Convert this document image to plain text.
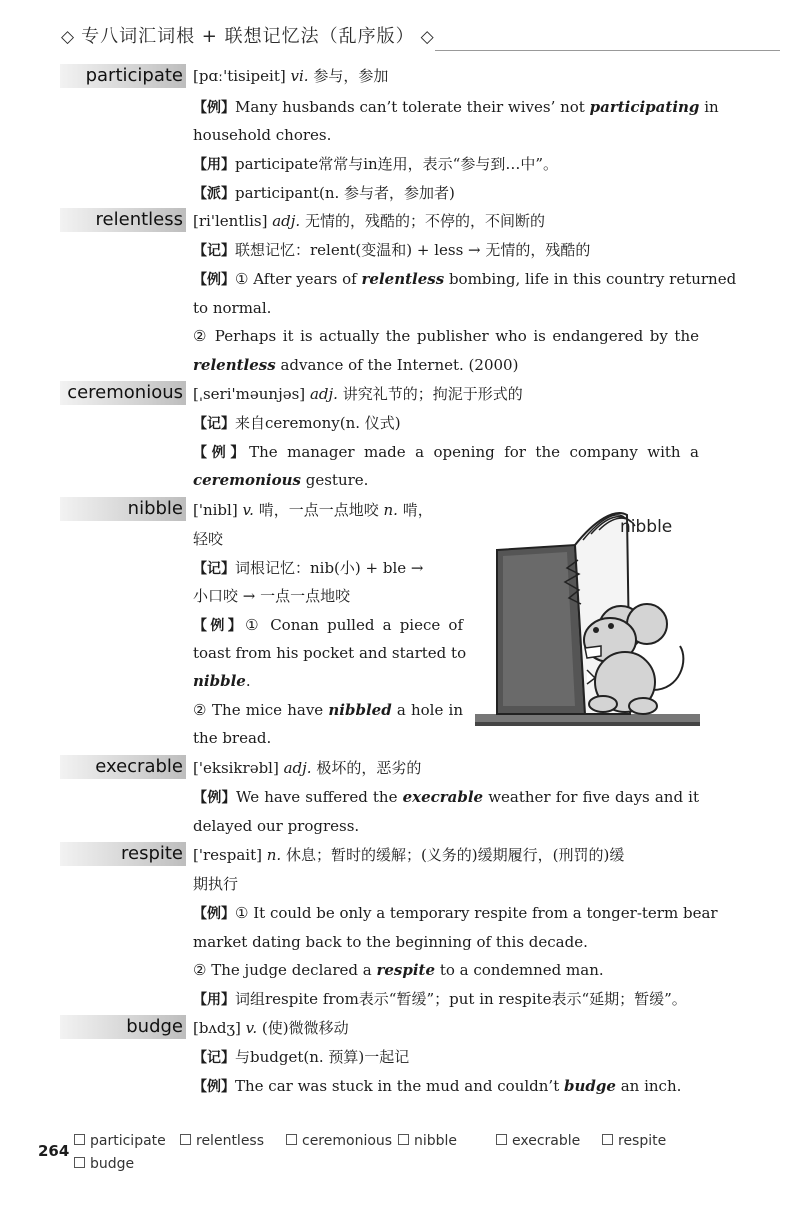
◇ 专八词汇词根 + 联想记忆法（乱序版） ◇
participate [pɑː'tisipeit] vi. 参与，参加
【例】Many husbands can’t tolerate their wives’ not participating in
household chores.
【用】participate常常与in连用，表示“参与到…中”。
【派】participant(n. 参与者，参加者)
relentless [ri'lentlis] adj. 无情的，残酷的；不停的，不间断的
【记】联想记忆：relent(变温和) + less → 无情的，残酷的
【例】① After years of relentless bombing, life in this country returned
to normal.
② Perhaps it is actually the publisher who is endangered by the
relentless advance of the Internet. (2000)
ceremonious [ˌseri'məunjəs] adj. 讲究礼节的；拘泥于形式的
【记】来自ceremony(n. 仪式)
【例】The manager made a opening for the company with a
ceremonious gesture.
nibble ['nibl] v. 啃，一点一点地咬 n. 啃，
轻咬
【记】词根记忆：nib(小) + ble →
小口咬 → 一点一点地咬
【例】① Conan pulled a piece of
toast from his pocket and started to
nibble.
② The mice have nibbled a hole in
the bread.
nibble
execrable ['eksikrəbl] adj. 极坏的，恶劣的
【例】We have suffered the execrable weather for five days and it
delayed our progress.
respite ['respait] n. 休息；暂时的缓解；(义务的)缓期履行，(刑罚的)缓
期执行
【例】① It could be only a temporary respite from a tonger-term bear
market dating back to the beginning of this decade.
② The judge declared a respite to a condemned man.
【用】词组respite from表示“暂缓”；put in respite表示“延期；暂缓”。
budge [bʌdʒ] v. (使)微微移动
【记】与budget(n. 预算)一起记
【例】The car was stuck in the mud and couldn’t budge an inch.
264
participate	relentless	ceremonious	nibble	execrable	respite
budge
